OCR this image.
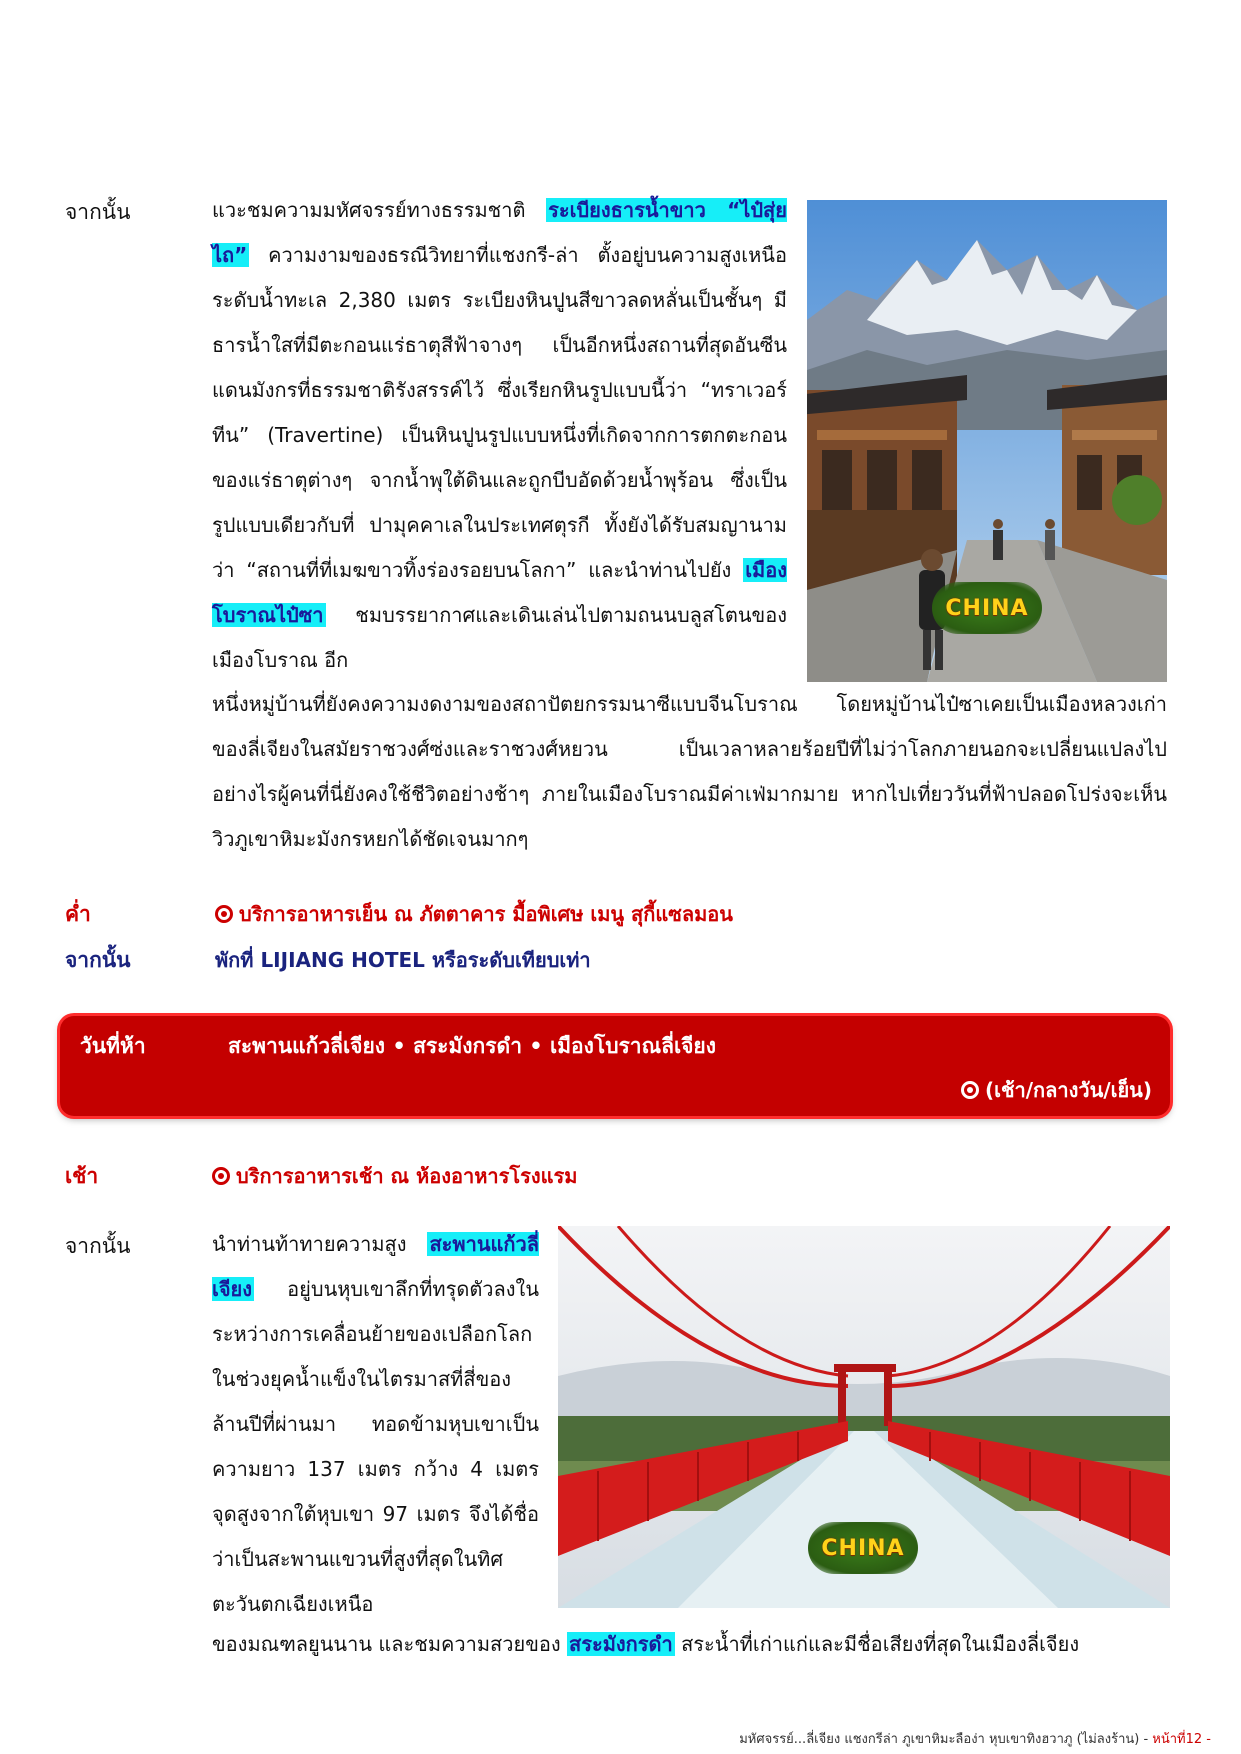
จากนั้น	แวะชมความมหัศจรรย์ทางธรรมชาติ ระเบียงธารน้ำขาว “ไป๋สุ่ยไถ” ความงามของธรณีวิทยาที่แชงกรี-ล่า ตั้งอยู่บนความสูงเหนือระดับน้ำทะเล 2,380 เมตร ระเบียงหินปูนสีขาวลดหลั่นเป็นชั้นๆ มีธารน้ำใสที่มีตะกอนแร่ธาตุสีฟ้าจางๆ เป็นอีกหนึ่งสถานที่สุดอันซีนแดนมังกรที่ธรรมชาติรังสรรค์ไว้ ซึ่งเรียกหินรูปแบบนี้ว่า “ทราเวอร์ทีน” (Travertine) เป็นหินปูนรูปแบบหนึ่งที่เกิดจากการตกตะกอนของแร่ธาตุต่างๆ จากน้ำพุใต้ดินและถูกบีบอัดด้วยน้ำพุร้อน ซึ่งเป็นรูปแบบเดียวกับที่ ปามุคคาเลในประเทศตุรกี ทั้งยังได้รับสมญานามว่า “สถานที่ที่เมฆขาวทิ้งร่องรอยบนโลกา” และนำท่านไปยัง เมืองโบราณไป๋ซา ชมบรรยากาศและเดินเล่นไปตามถนนบลูสโตนของเมืองโบราณ อีก

CHINA

หนึ่งหมู่บ้านที่ยังคงความงดงามของสถาปัตยกรรมนาซีแบบจีนโบราณ โดยหมู่บ้านไป๋ซาเคยเป็นเมืองหลวงเก่าของลี่เจียงในสมัยราชวงศ์ซ่งและราชวงศ์หยวน เป็นเวลาหลายร้อยปีที่ไม่ว่าโลกภายนอกจะเปลี่ยนแปลงไปอย่างไรผู้คนที่นี่ยังคงใช้ชีวิตอย่างช้าๆ ภายในเมืองโบราณมีค่าเฟ่มากมาย หากไปเที่ยววันที่ฟ้าปลอดโปร่งจะเห็นวิวภูเขาหิมะมังกรหยกได้ชัดเจนมากๆ

ค่ำ	บริการอาหารเย็น ณ ภัตตาคาร มื้อพิเศษ เมนู สุกี้แซลมอน
จากนั้น	พักที่ LIJIANG HOTEL หรือระดับเทียบเท่า
วันที่ห้า	สะพานแก้วลี่เจียง • สระมังกรดำ • เมืองโบราณลี่เจียง
(เช้า/กลางวัน/เย็น)
เช้า	บริการอาหารเช้า ณ ห้องอาหารโรงแรม
จากนั้น	นำท่านท้าทายความสูง สะพานแก้วลี่เจียง อยู่บนหุบเขาลึกที่ทรุดตัวลงในระหว่างการเคลื่อนย้ายของเปลือกโลกในช่วงยุคน้ำแข็งในไตรมาสที่สี่ของล้านปีที่ผ่านมา ทอดข้ามหุบเขาเป็นความยาว 137 เมตร กว้าง 4 เมตร จุดสูงจากใต้หุบเขา 97 เมตร จึงได้ชื่อว่าเป็นสะพานแขวนที่สูงที่สุดในทิศตะวันตกเฉียงเหนือ

CHINA

ของมณฑลยูนนาน และชมความสวยของ สระมังกรดำ สระน้ำที่เก่าแก่และมีชื่อเสียงที่สุดในเมืองลี่เจียง

มหัศจรรย์...ลี่เจียง แชงกรีล่า ภูเขาหิมะลือง่า หุบเขาทิงฮวาภู (ไม่ลงร้าน) - หน้าที่12 -
